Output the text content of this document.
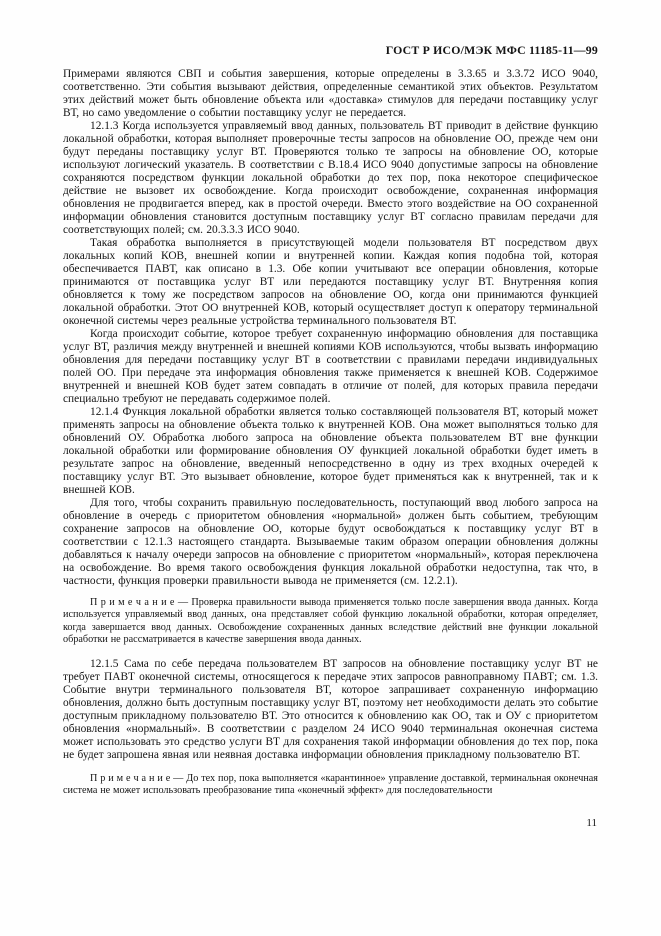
ГОСТ Р ИСО/МЭК МФС 11185-11—99

Примерами являются СВП и события завершения, которые определены в 3.3.65 и 3.3.72 ИСО 9040, соответственно. Эти события вызывают действия, определенные семантикой этих объектов. Результатом этих действий может быть обновление объекта или «доставка» стимулов для передачи поставщику услуг ВТ, но само уведомление о событии поставщику услуг не передается.

12.1.3 Когда используется управляемый ввод данных, пользователь ВТ приводит в действие функцию локальной обработки, которая выполняет проверочные тесты запросов на обновление ОО, прежде чем они будут переданы поставщику услуг ВТ. Проверяются только те запросы на обновление ОО, которые используют логический указатель. В соответствии с В.18.4 ИСО 9040 допустимые запросы на обновление сохраняются посредством функции локальной обработки до тех пор, пока некоторое специфическое действие не вызовет их освобождение. Когда происходит освобождение, сохраненная информация обновления не продвигается вперед, как в простой очереди. Вместо этого воздействие на ОО сохраненной информации обновления становится доступным поставщику услуг ВТ согласно правилам передачи для соответствующих полей; см. 20.3.3.3 ИСО 9040.

Такая обработка выполняется в присутствующей модели пользователя ВТ посредством двух локальных копий КОВ, внешней копии и внутренней копии. Каждая копия подобна той, которая обеспечивается ПАВТ, как описано в 1.3. Обе копии учитывают все операции обновления, которые принимаются от поставщика услуг ВТ или передаются поставщику услуг ВТ. Внутренняя копия обновляется к тому же посредством запросов на обновление ОО, когда они принимаются функцией локальной обработки. Этот ОО внутренней КОВ, который осуществляет доступ к оператору терминальной оконечной системы через реальные устройства терминального пользователя ВТ.

Когда происходит событие, которое требует сохраненную информацию обновления для поставщика услуг ВТ, различия между внутренней и внешней копиями КОВ используются, чтобы вызвать информацию обновления для передачи поставщику услуг ВТ в соответствии с правилами передачи индивидуальных полей ОО. При передаче эта информация обновления также применяется к внешней КОВ. Содержимое внутренней и внешней КОВ будет затем совпадать в отличие от полей, для которых правила передачи специально требуют не передавать содержимое полей.

12.1.4 Функция локальной обработки является только составляющей пользователя ВТ, который может применять запросы на обновление объекта только к внутренней КОВ. Она может выполняться только для обновлений ОУ. Обработка любого запроса на обновление объекта пользователем ВТ вне функции локальной обработки или формирование обновления ОУ функцией локальной обработки будет иметь в результате запрос на обновление, введенный непосредственно в одну из трех входных очередей к поставщику услуг ВТ. Это вызывает обновление, которое будет применяться как к внутренней, так и к внешней КОВ.

Для того, чтобы сохранить правильную последовательность, поступающий ввод любого запроса на обновление в очередь с приоритетом обновления «нормальной» должен быть событием, требующим сохранение запросов на обновление ОО, которые будут освобождаться к поставщику услуг ВТ в соответствии с 12.1.3 настоящего стандарта. Вызываемые таким образом операции обновления должны добавляться к началу очереди запросов на обновление с приоритетом «нормальный», которая переключена на освобождение. Во время такого освобождения функция локальной обработки недоступна, так что, в частности, функция проверки правильности вывода не применяется (см. 12.2.1).

П р и м е ч а н и е — Проверка правильности вывода применяется только после завершения ввода данных. Когда используется управляемый ввод данных, она представляет собой функцию локальной обработки, которая определяет, когда завершается ввод данных. Освобождение сохраненных данных вследствие действий вне функции локальной обработки не рассматривается в качестве завершения ввода данных.

12.1.5 Сама по себе передача пользователем ВТ запросов на обновление поставщику услуг ВТ не требует ПАВТ оконечной системы, относящегося к передаче этих запросов равноправному ПАВТ; см. 1.3. Событие внутри терминального пользователя ВТ, которое запрашивает сохраненную информацию обновления, должно быть доступным поставщику услуг ВТ, поэтому нет необходимости делать это событие доступным прикладному пользователю ВТ. Это относится к обновлению как ОО, так и ОУ с приоритетом обновления «нормальный». В соответствии с разделом 24 ИСО 9040 терминальная оконечная система может использовать это средство услуги ВТ для сохранения такой информации обновления до тех пор, пока не будет запрошена явная или неявная доставка информации обновления прикладному пользователю ВТ.

П р и м е ч а н и е — До тех пор, пока выполняется «карантинное» управление доставкой, терминальная оконечная система не может использовать преобразование типа «конечный эффект» для последовательности

11
